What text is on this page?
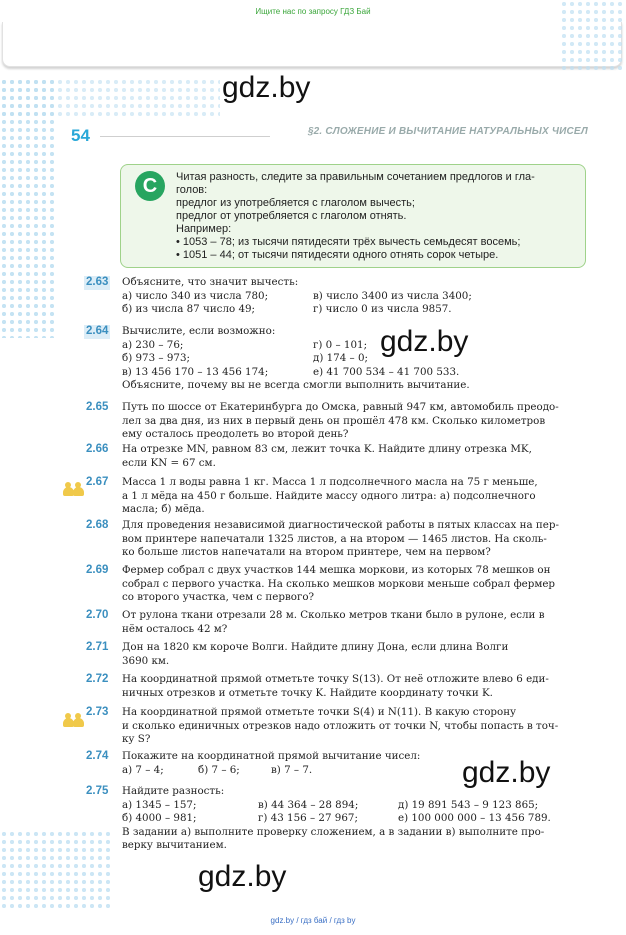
Ищите нас по запросу ГДЗ Бай
gdz.by
gdz.by
gdz.by
gdz.by
54	§2. СЛОЖЕНИЕ И ВЫЧИТАНИЕ НАТУРАЛЬНЫХ ЧИСЕЛ
С	Читая разность, следите за правильным сочетанием предлогов и гла-
голов:
предлог из употребляется с глаголом вычесть;
предлог от употребляется с глаголом отнять.
Например:
• 1053 – 78; из тысячи пятидесяти трёх вычесть семьдесят восемь;
• 1051 – 44; от тысячи пятидесяти одного отнять сорок четыре.
2.63 Объясните, что значит вычесть:
а) число 340 из числа 780;	в) число 3400 из числа 3400;
б) из числа 87 число 49;	г) число 0 из числа 9857.
2.64 Вычислите, если возможно:
а) 230 – 76;	г) 0 – 101;
б) 973 – 973;	д) 174 – 0;
в) 13 456 170 – 13 456 174;	е) 41 700 534 – 41 700 533.
Объясните, почему вы не всегда смогли выполнить вычитание.
2.65 Путь по шоссе от Екатеринбурга до Омска, равный 947 км, автомобиль преодо-
лел за два дня, из них в первый день он прошёл 478 км. Сколько километров
ему осталось преодолеть во второй день?
2.66 На отрезке MN, равном 83 см, лежит точка K. Найдите длину отрезка MK,
если KN = 67 см.
2.67 Масса 1 л воды равна 1 кг. Масса 1 л подсолнечного масла на 75 г меньше,
а 1 л мёда на 450 г больше. Найдите массу одного литра: а) подсолнечного
масла; б) мёда.
2.68 Для проведения независимой диагностической работы в пятых классах на пер-
вом принтере напечатали 1325 листов, а на втором — 1465 листов. На сколь-
ко больше листов напечатали на втором принтере, чем на первом?
2.69 Фермер собрал с двух участков 144 мешка моркови, из которых 78 мешков он
собрал с первого участка. На сколько мешков моркови меньше собрал фермер
со второго участка, чем с первого?
2.70 От рулона ткани отрезали 28 м. Сколько метров ткани было в рулоне, если в
нём осталось 42 м?
2.71 Дон на 1820 км короче Волги. Найдите длину Дона, если длина Волги
3690 км.
2.72 На координатной прямой отметьте точку S(13). От неё отложите влево 6 еди-
ничных отрезков и отметьте точку K. Найдите координату точки K.
2.73 На координатной прямой отметьте точки S(4) и N(11). В какую сторону
и сколько единичных отрезков надо отложить от точки N, чтобы попасть в точ-
ку S?
2.74 Покажите на координатной прямой вычитание чисел:
а) 7 – 4;	б) 7 – 6;	в) 7 – 7.
2.75 Найдите разность:
а) 1345 – 157;	в) 44 364 – 28 894;	д) 19 891 543 – 9 123 865;
б) 4000 – 981;	г) 43 156 – 27 967;	е) 100 000 000 – 13 456 789.
В задании а) выполните проверку сложением, а в задании в) выполните про-
верку вычитанием.
gdz.by / гдз бай / гдз by
